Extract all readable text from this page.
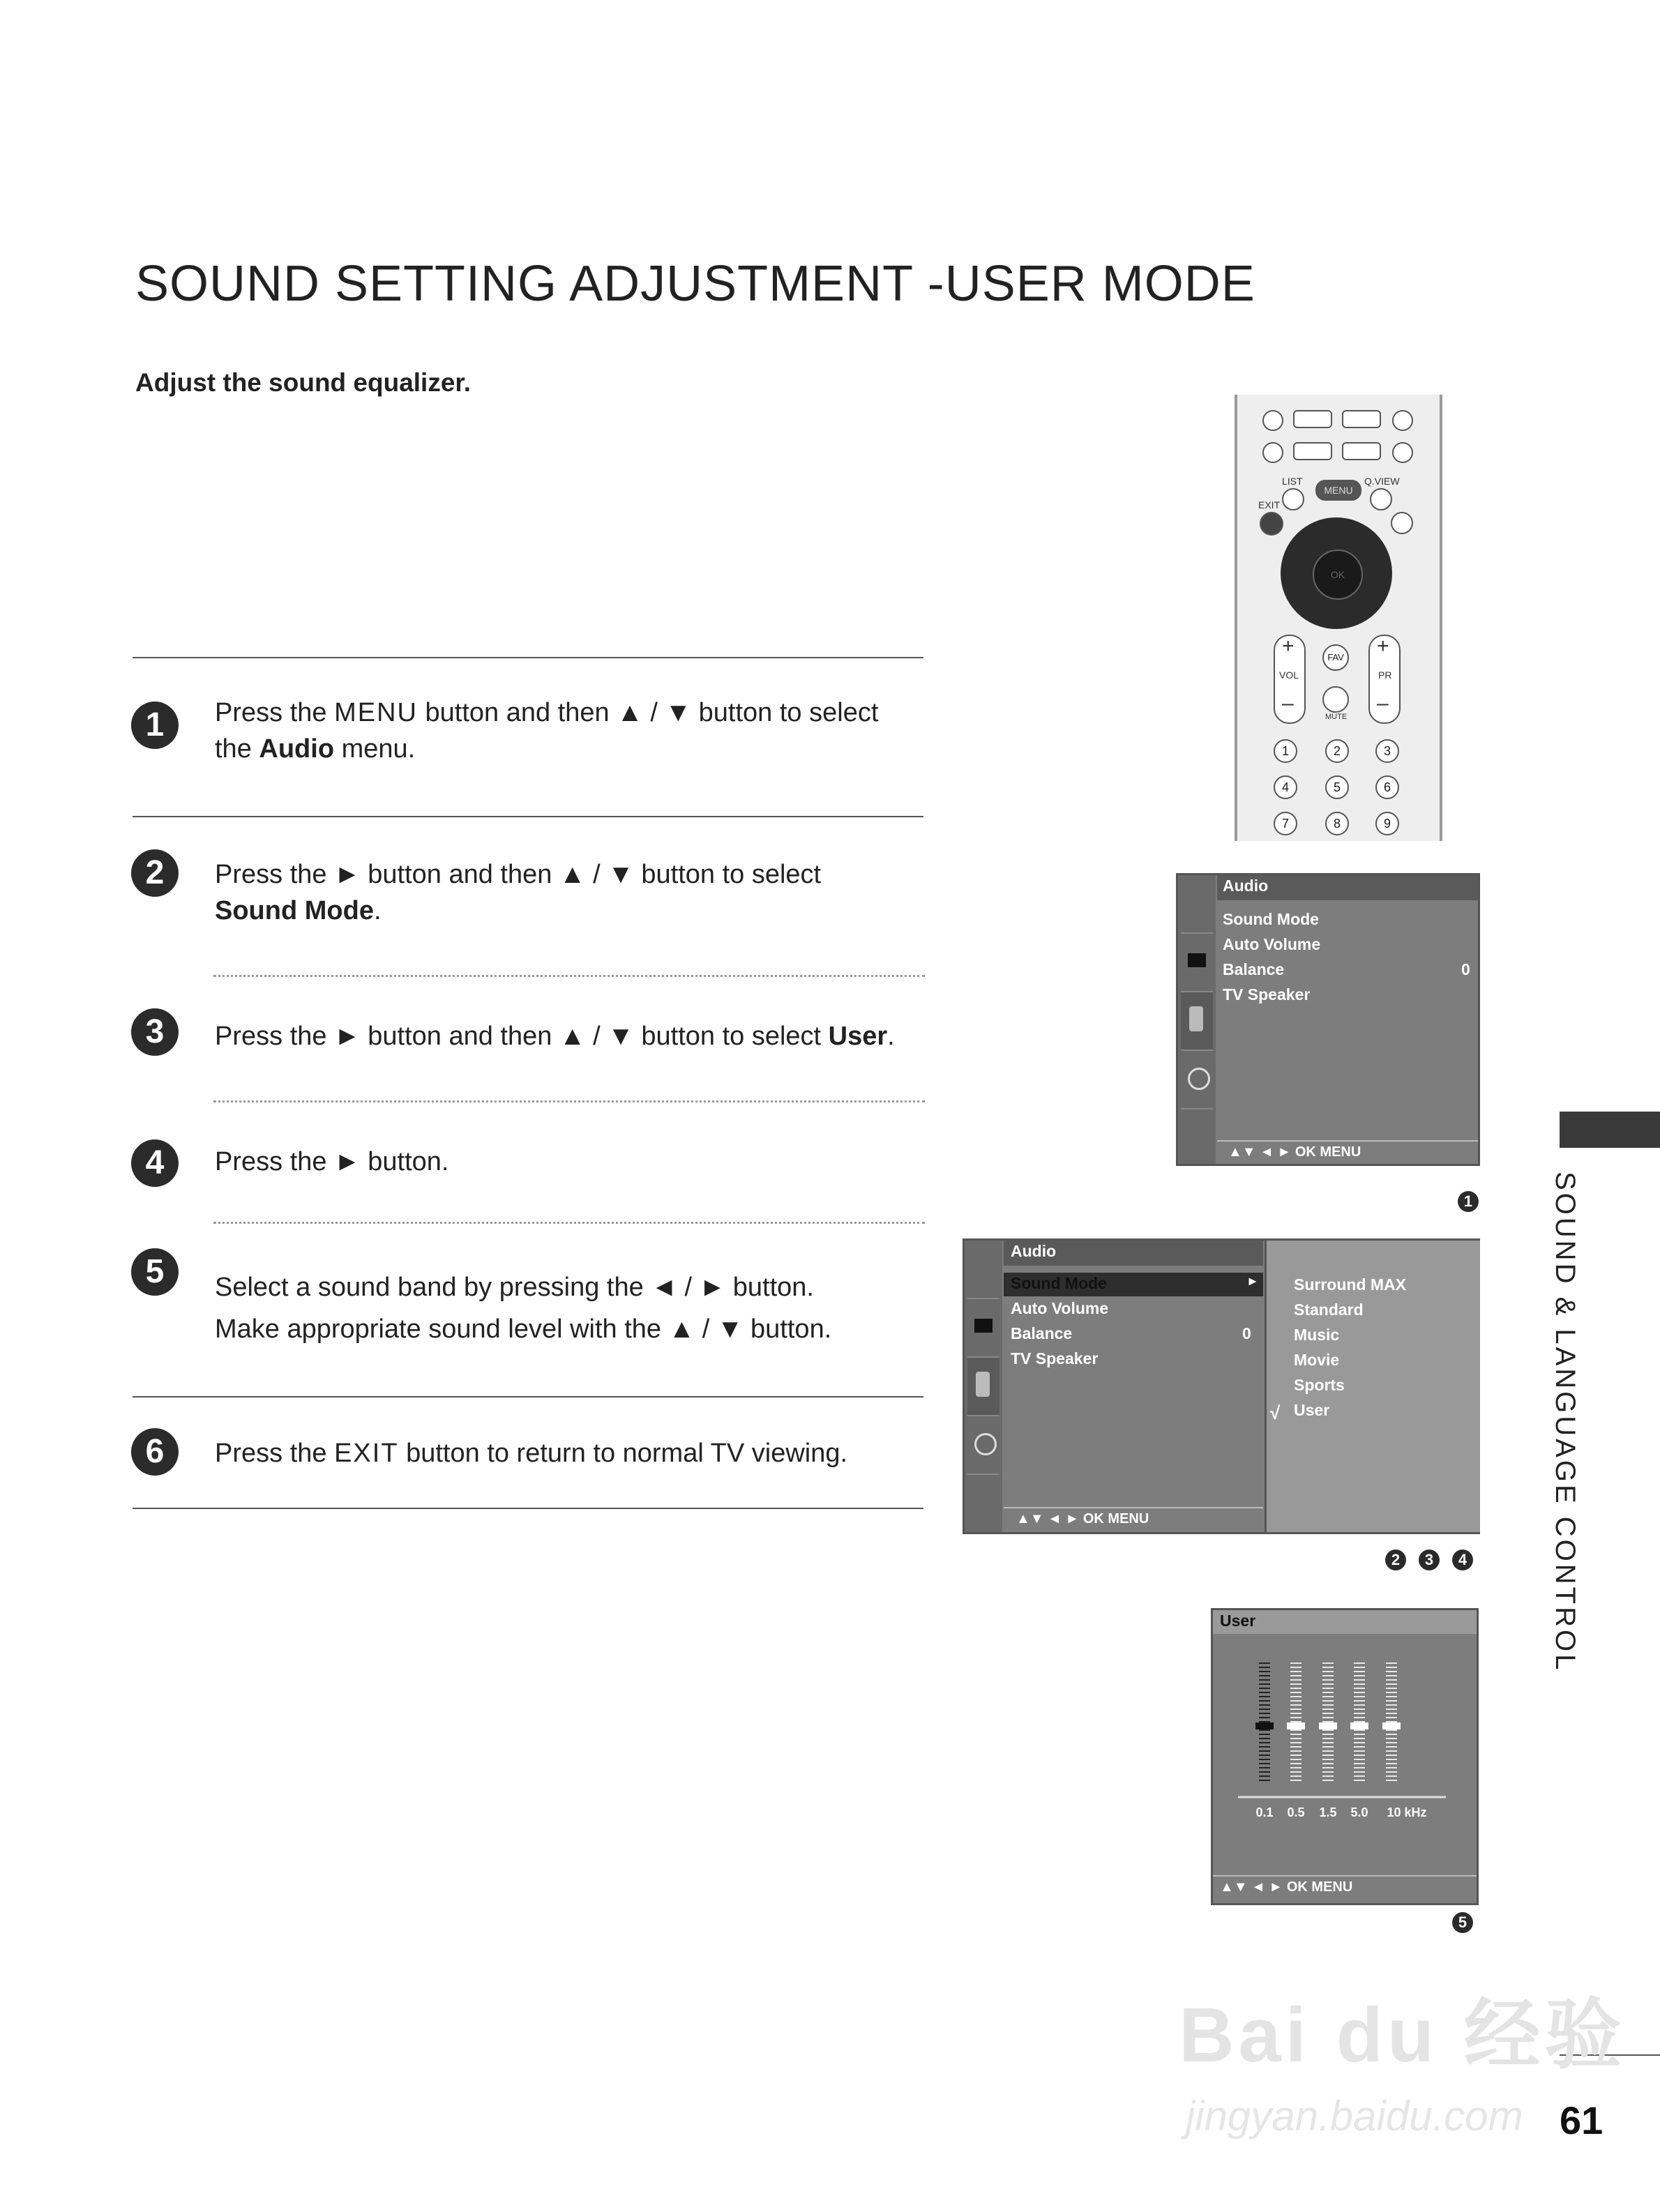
SOUND SETTING ADJUSTMENT -USER MODE
Adjust the sound equalizer.
1	Press the MENU button and then ▲ / ▼ button to select
the Audio menu.
2	Press the ► button and then ▲ / ▼ button to select
Sound Mode.
3	Press the ► button and then ▲ / ▼ button to select User.
4	Press the ► button.
5	Select a sound band by pressing the ◄ / ► button.
Make appropriate sound level with the ▲ / ▼ button.
6	Press the EXIT button to return to normal TV viewing.
LIST	Q.VIEW
EXIT
MENU
OK
+
VOL
–
+
PR
–
FAV
MUTE
1	2	3
4	5	6
7	8	9
Audio
Sound Mode
Auto Volume
Balance	0
TV Speaker
▲▼ ◄ ► OK MENU
1
Audio
Sound Mode	►
Auto Volume
Balance	0
TV Speaker
▲▼ ◄ ► OK MENU
Surround MAX
Standard
Music
Movie
Sports
√ User
2	3	4
User
0.1 0.5 1.5 5.0 10 kHz
▲▼ ◄ ► OK MENU
5
SOUND & LANGUAGE CONTROL
61
Bai du 经验
jingyan.baidu.com
